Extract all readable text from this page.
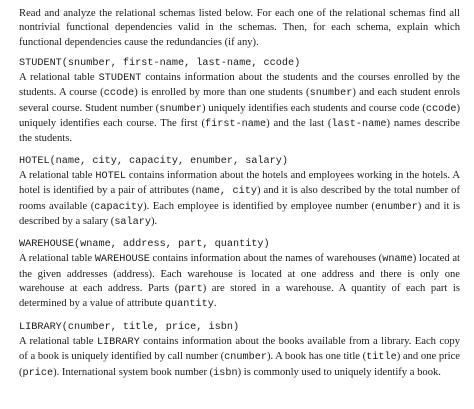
Read and analyze the relational schemas listed below. For each one of the relational schemas find all nontrivial functional dependencies valid in the schemas. Then, for each schema, explain which functional dependencies cause the redundancies (if any).

STUDENT(snumber, first-name, last-name, ccode)

A relational table STUDENT contains information about the students and the courses enrolled by the students. A course (ccode) is enrolled by more than one students (snumber) and each student enrols several course. Student number (snumber) uniquely identifies each students and course code (ccode) uniquely identifies each course. The first (first-name) and the last (last-name) names describe the students.

HOTEL(name, city, capacity, enumber, salary)

A relational table HOTEL contains information about the hotels and employees working in the hotels. A hotel is identified by a pair of attributes (name, city) and it is also described by the total number of rooms available (capacity). Each employee is identified by employee number (enumber) and it is described by a salary (salary).

WAREHOUSE(wname, address, part, quantity)

A relational table WAREHOUSE contains information about the names of warehouses (wname) located at the given addresses (address). Each warehouse is located at one address and there is only one warehouse at each address. Parts (part) are stored in a warehouse. A quantity of each part is determined by a value of attribute quantity.

LIBRARY(cnumber, title, price, isbn)

A relational table LIBRARY contains information about the books available from a library. Each copy of a book is uniquely identified by call number (cnumber). A book has one title (title) and one price (price). International system book number (isbn) is commonly used to uniquely identify a book.
